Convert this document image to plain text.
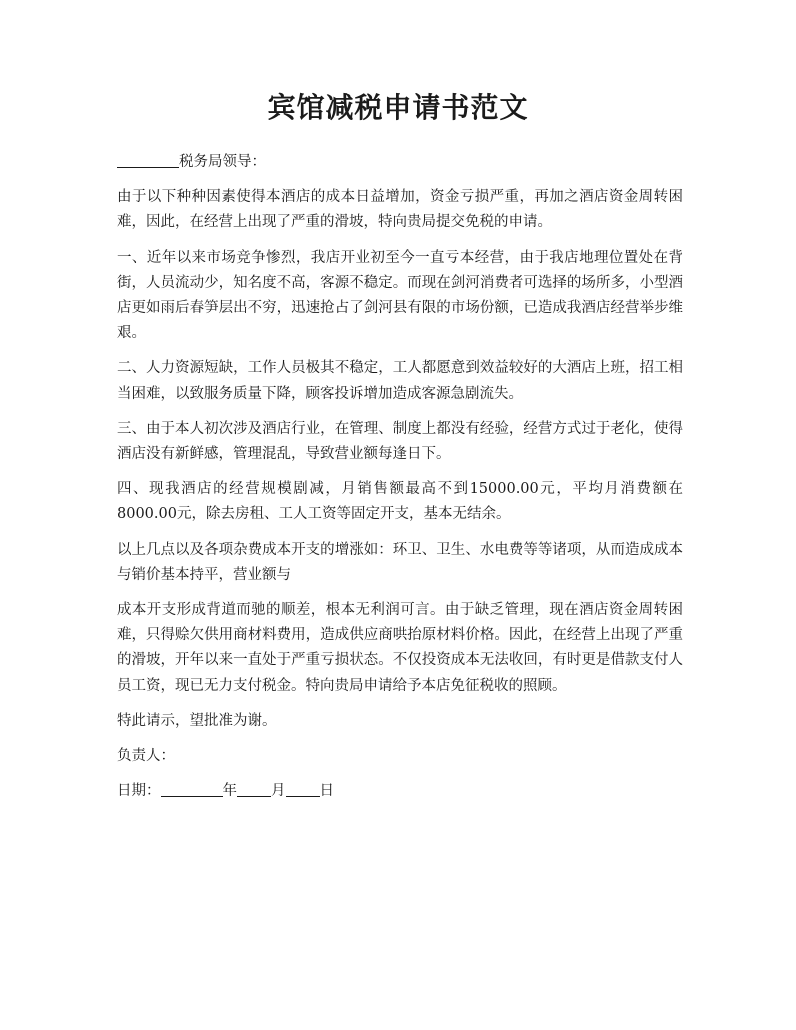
宾馆减税申请书范文

税务局领导：

由于以下种种因素使得本酒店的成本日益增加，资金亏损严重，再加之酒店资金周转困难，因此，在经营上出现了严重的滑坡，特向贵局提交免税的申请。

一、近年以来市场竞争惨烈，我店开业初至今一直亏本经营，由于我店地理位置处在背街，人员流动少，知名度不高，客源不稳定。而现在剑河消费者可选择的场所多，小型酒店更如雨后春笋层出不穷，迅速抢占了剑河县有限的市场份额，已造成我酒店经营举步维艰。

二、人力资源短缺，工作人员极其不稳定，工人都愿意到效益较好的大酒店上班，招工相当困难，以致服务质量下降，顾客投诉增加造成客源急剧流失。

三、由于本人初次涉及酒店行业，在管理、制度上都没有经验，经营方式过于老化，使得酒店没有新鲜感，管理混乱，导致营业额每逢日下。

四、现我酒店的经营规模剧减，月销售额最高不到15000.00元，平均月消费额在8000.00元，除去房租、工人工资等固定开支，基本无结余。

以上几点以及各项杂费成本开支的增涨如：环卫、卫生、水电费等等诸项，从而造成成本与销价基本持平，营业额与

成本开支形成背道而驰的顺差，根本无利润可言。由于缺乏管理，现在酒店资金周转困难，只得赊欠供用商材料费用，造成供应商哄抬原材料价格。因此，在经营上出现了严重的滑坡，开年以来一直处于严重亏损状态。不仅投资成本无法收回，有时更是借款支付人员工资，现已无力支付税金。特向贵局申请给予本店免征税收的照顾。

特此请示，望批准为谢。

负责人：

日期：	年 月 日
